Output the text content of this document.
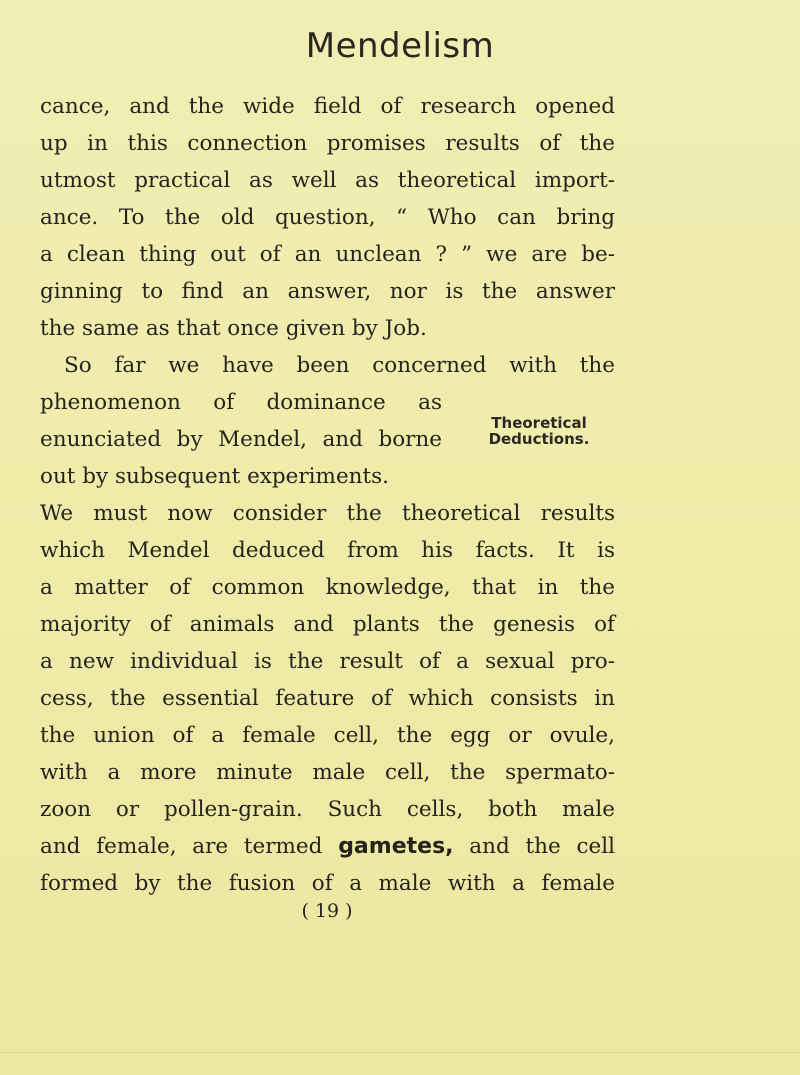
Mendelism
cance, and the wide field of research opened
up in this connection promises results of the
utmost practical as well as theoretical import-
ance. To the old question, “ Who can bring
a clean thing out of an unclean ? ” we are be-
ginning to find an answer, nor is the answer
the same as that once given by Job.
So far we have been concerned with the
phenomenon of dominance as
enunciated by Mendel, and borne
out by subsequent experiments.
Theoretical
Deductions.
We must now consider the theoretical results
which Mendel deduced from his facts. It is
a matter of common knowledge, that in the
majority of animals and plants the genesis of
a new individual is the result of a sexual pro-
cess, the essential feature of which consists in
the union of a female cell, the egg or ovule,
with a more minute male cell, the spermato-
zoon or pollen-grain. Such cells, both male
and female, are termed gametes, and the cell
formed by the fusion of a male with a female
( 19 )
